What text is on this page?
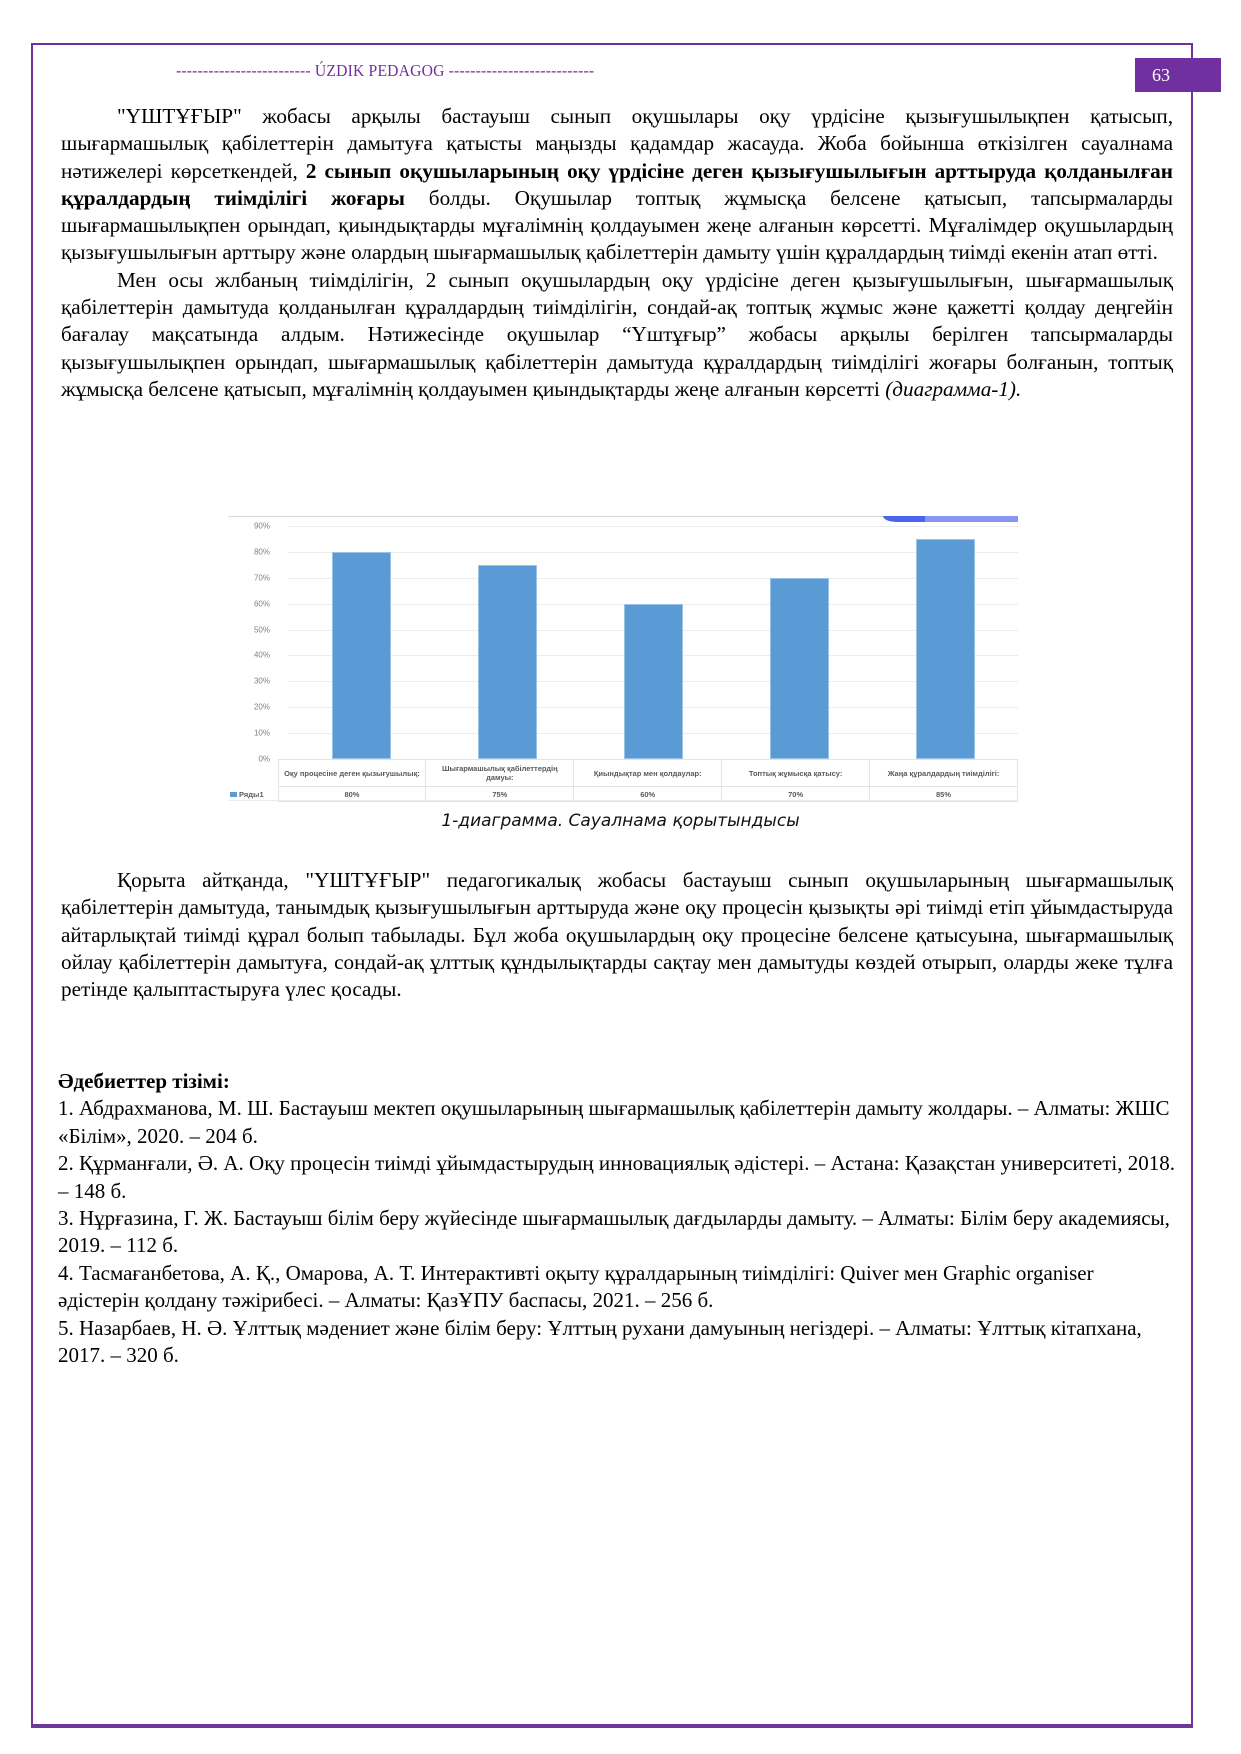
------------------------- ÚZDIK PEDAGOG ---------------------------	63

"ҮШТҰҒЫР" жобасы арқылы бастауыш сынып оқушылары оқу үрдісіне қызығушылықпен қатысып, шығармашылық қабілеттерін дамытуға қатысты маңызды қадамдар жасауда. Жоба бойынша өткізілген сауалнама нәтижелері көрсеткендей, 2 сынып оқушыларының оқу үрдісіне деген қызығушылығын арттыруда қолданылған құралдардың тиімділігі жоғары болды. Оқушылар топтық жұмысқа белсене қатысып, тапсырмаларды шығармашылықпен орындап, қиындықтарды мұғалімнің қолдауымен жеңе алғанын көрсетті. Мұғалімдер оқушылардың қызығушылығын арттыру және олардың шығармашылық қабілеттерін дамыту үшін құралдардың тиімді екенін атап өтті.

Мен осы жлбаның тиімділігін, 2 сынып оқушылардың оқу үрдісіне деген қызығушылығын, шығармашылық қабілеттерін дамытуда қолданылған құралдардың тиімділігін, сондай-ақ топтық жұмыс және қажетті қолдау деңгейін бағалау мақсатында алдым. Нәтижесінде оқушылар “Үштұғыр” жобасы арқылы берілген тапсырмаларды қызығушылықпен орындап, шығармашылық қабілеттерін дамытуда құралдардың тиімділігі жоғары болғанын, топтық жұмысқа белсене қатысып, мұғалімнің қолдауымен қиындықтарды жеңе алғанын көрсетті (диаграмма-1).

90%
80%
70%
60%
50%
40%
30%
20%
10%
0%
	Оқу процесіне деген қызығушылық:	Шығармашылық қабілеттердің дамуы:	Қиындықтар мен қолдаулар:	Топтық жұмысқа қатысу:	Жаңа құралдардың тиімділігі:
Ряды1	80%	75%	60%	70%	85%
1-диаграмма. Сауалнама қорытындысы

Қорыта айтқанда, "ҮШТҰҒЫР" педагогикалық жобасы бастауыш сынып оқушыларының шығармашылық қабілеттерін дамытуда, танымдық қызығушылығын арттыруда және оқу процесін қызықты әрі тиімді етіп ұйымдастыруда айтарлықтай тиімді құрал болып табылады. Бұл жоба оқушылардың оқу процесіне белсене қатысуына, шығармашылық ойлау қабілеттерін дамытуға, сондай-ақ ұлттық құндылықтарды сақтау мен дамытуды көздей отырып, оларды жеке тұлға ретінде қалыптастыруға үлес қосады.

Әдебиеттер тізімі:

1. Абдрахманова, М. Ш. Бастауыш мектеп оқушыларының шығармашылық қабілеттерін дамыту жолдары. – Алматы: ЖШС «Білім», 2020. – 204 б.

2. Құрманғали, Ә. А. Оқу процесін тиімді ұйымдастырудың инновациялық әдістері. – Астана: Қазақстан университеті, 2018. – 148 б.

3. Нұрғазина, Г. Ж. Бастауыш білім беру жүйесінде шығармашылық дағдыларды дамыту. – Алматы: Білім беру академиясы, 2019. – 112 б.

4. Тасмағанбетова, А. Қ., Омарова, А. Т. Интерактивті оқыту құралдарының тиімділігі: Quiver мен Graphic organiser әдістерін қолдану тәжірибесі. – Алматы: ҚазҰПУ баспасы, 2021. – 256 б.

5. Назарбаев, Н. Ә. Ұлттық мәдениет және білім беру: Ұлттың рухани дамуының негіздері. – Алматы: Ұлттық кітапхана, 2017. – 320 б.
